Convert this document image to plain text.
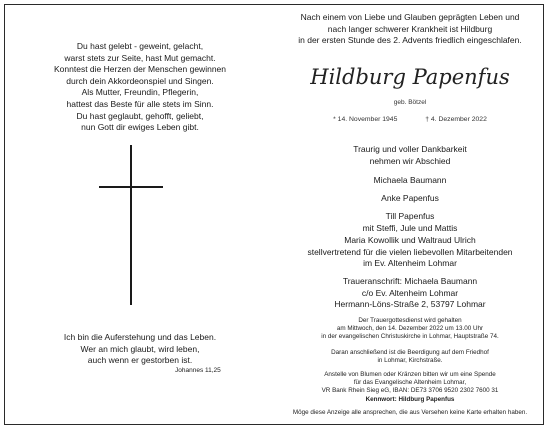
Du hast gelebt - geweint, gelacht,
warst stets zur Seite, hast Mut gemacht.
Konntest die Herzen der Menschen gewinnen
durch dein Akkordeonspiel und Singen.
Als Mutter, Freundin, Pflegerin,
hattest das Beste für alle stets im Sinn.
Du hast geglaubt, gehofft, geliebt,
nun Gott dir ewiges Leben gibt.
Ich bin die Auferstehung und das Leben.
Wer an mich glaubt, wird leben,
auch wenn er gestorben ist.
Johannes 11,25
Nach einem von Liebe und Glauben geprägten Leben und
nach langer schwerer Krankheit ist Hildburg
in der ersten Stunde des 2. Advents friedlich eingeschlafen.
Hildburg Papenfus
geb. Bötzel
* 14. November 1945	† 4. Dezember 2022
Traurig und voller Dankbarkeit
nehmen wir Abschied
Michaela Baumann
Anke Papenfus
Till Papenfus
mit Steffi, Jule und Mattis
Maria Kowollik und Waltraud Ulrich
stellvertretend für die vielen liebevollen Mitarbeitenden
im Ev. Altenheim Lohmar
Traueranschrift: Michaela Baumann
c/o Ev. Altenheim Lohmar
Hermann-Löns-Straße 2, 53797 Lohmar
Der Trauergottesdienst wird gehalten
am Mittwoch, den 14. Dezember 2022 um 13.00 Uhr
in der evangelischen Christuskirche in Lohmar, Hauptstraße 74.
Daran anschließend ist die Beerdigung auf dem Friedhof
in Lohmar, Kirchstraße.
Anstelle von Blumen oder Kränzen bitten wir um eine Spende
für das Evangelische Altenheim Lohmar,
VR Bank Rhein Sieg eG, IBAN: DE73 3706 9520 2302 7600 31
Kennwort: Hildburg Papenfus
Möge diese Anzeige alle ansprechen, die aus Versehen keine Karte erhalten haben.
